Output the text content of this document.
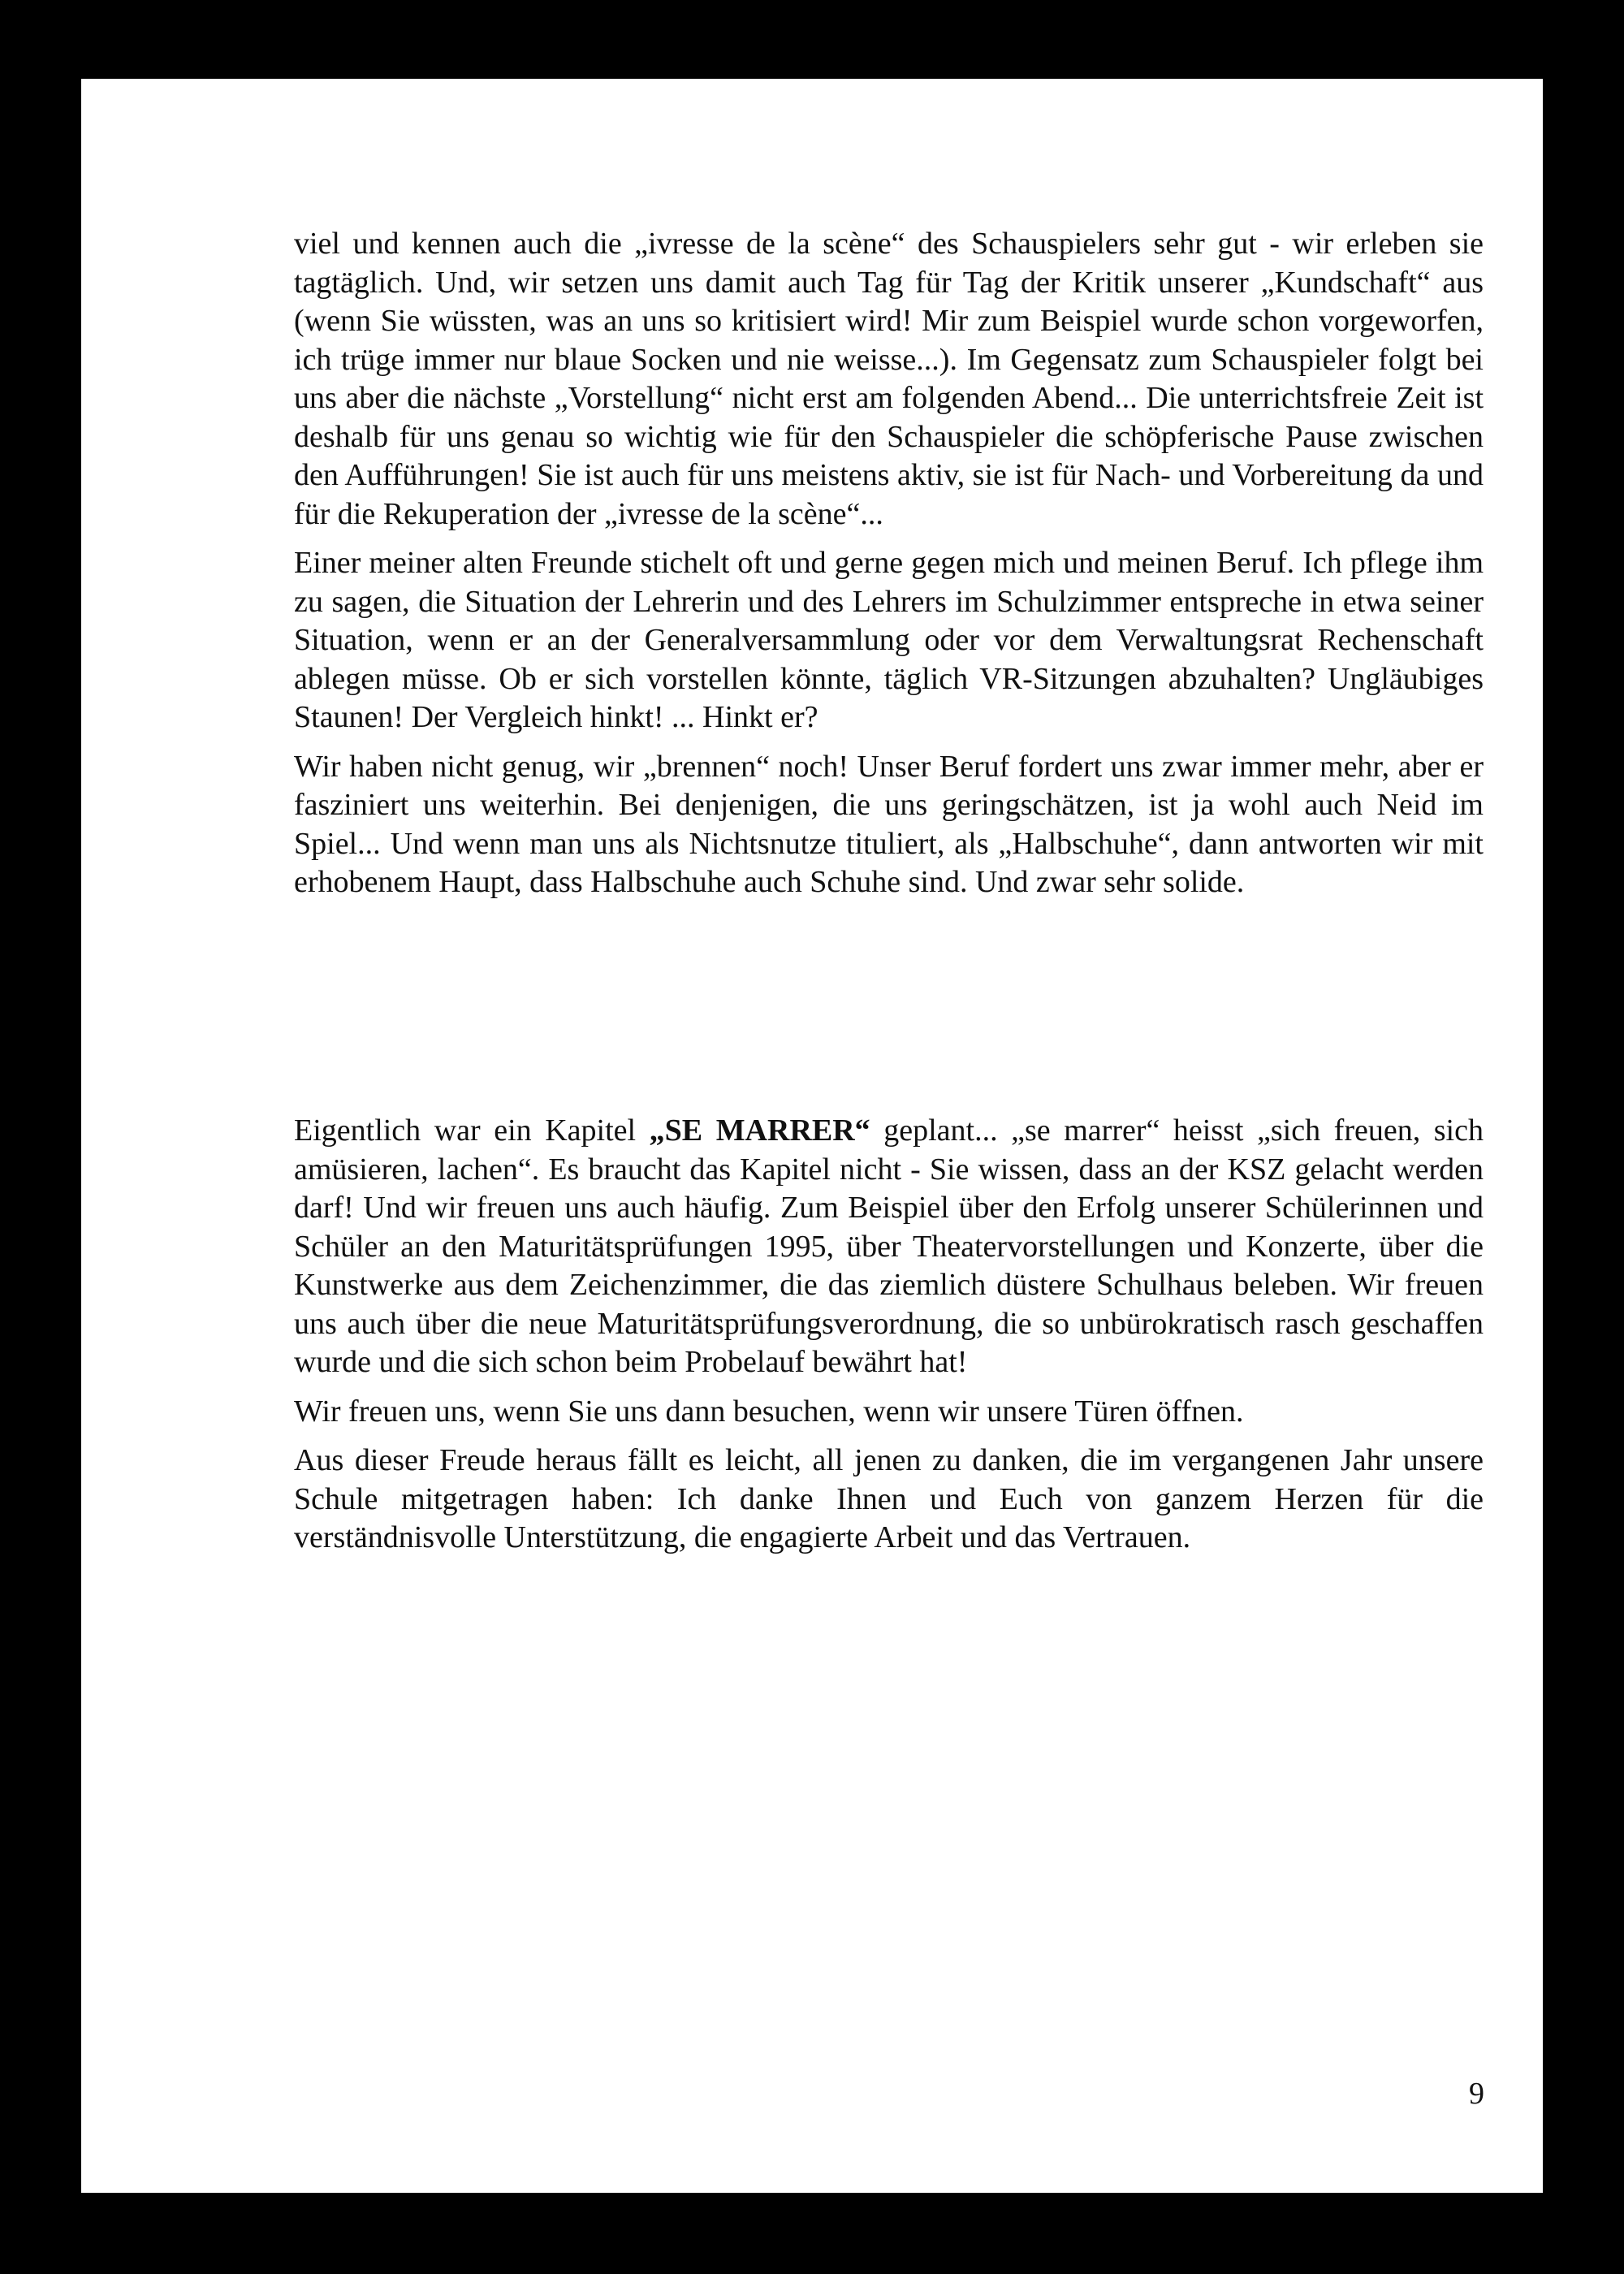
viel und kennen auch die „ivresse de la scène“ des Schauspielers sehr gut - wir erleben sie tagtäglich. Und, wir setzen uns damit auch Tag für Tag der Kritik unserer „Kundschaft“ aus (wenn Sie wüssten, was an uns so kritisiert wird! Mir zum Beispiel wurde schon vorgeworfen, ich trüge immer nur blaue Socken und nie weisse...). Im Gegensatz zum Schauspieler folgt bei uns aber die nächste „Vorstellung“ nicht erst am folgenden Abend... Die unterrichtsfreie Zeit ist deshalb für uns genau so wichtig wie für den Schauspieler die schöpferische Pause zwischen den Aufführungen! Sie ist auch für uns meistens aktiv, sie ist für Nach- und Vorbereitung da und für die Rekuperation der „ivresse de la scène“...

Einer meiner alten Freunde stichelt oft und gerne gegen mich und meinen Beruf. Ich pflege ihm zu sagen, die Situation der Lehrerin und des Lehrers im Schulzimmer entspreche in etwa seiner Situation, wenn er an der Generalversammlung oder vor dem Verwaltungsrat Rechenschaft ablegen müsse. Ob er sich vorstellen könnte, täglich VR-Sitzungen abzuhalten? Ungläubiges Staunen! Der Vergleich hinkt! ... Hinkt er?

Wir haben nicht genug, wir „brennen“ noch! Unser Beruf fordert uns zwar immer mehr, aber er fasziniert uns weiterhin. Bei denjenigen, die uns geringschätzen, ist ja wohl auch Neid im Spiel... Und wenn man uns als Nichtsnutze tituliert, als „Halbschuhe“, dann antworten wir mit erhobenem Haupt, dass Halbschuhe auch Schuhe sind. Und zwar sehr solide.

Eigentlich war ein Kapitel „SE MARRER“ geplant... „se marrer“ heisst „sich freuen, sich amüsieren, lachen“. Es braucht das Kapitel nicht - Sie wissen, dass an der KSZ gelacht werden darf! Und wir freuen uns auch häufig. Zum Beispiel über den Erfolg unserer Schülerinnen und Schüler an den Maturitätsprüfungen 1995, über Theatervorstellungen und Konzerte, über die Kunstwerke aus dem Zeichenzimmer, die das ziemlich düstere Schulhaus beleben. Wir freuen uns auch über die neue Maturitätsprüfungsverordnung, die so unbürokratisch rasch geschaffen wurde und die sich schon beim Probelauf bewährt hat!

Wir freuen uns, wenn Sie uns dann besuchen, wenn wir unsere Türen öffnen.

Aus dieser Freude heraus fällt es leicht, all jenen zu danken, die im vergangenen Jahr unsere Schule mitgetragen haben: Ich danke Ihnen und Euch von ganzem Herzen für die verständnisvolle Unterstützung, die engagierte Arbeit und das Vertrauen.

9
